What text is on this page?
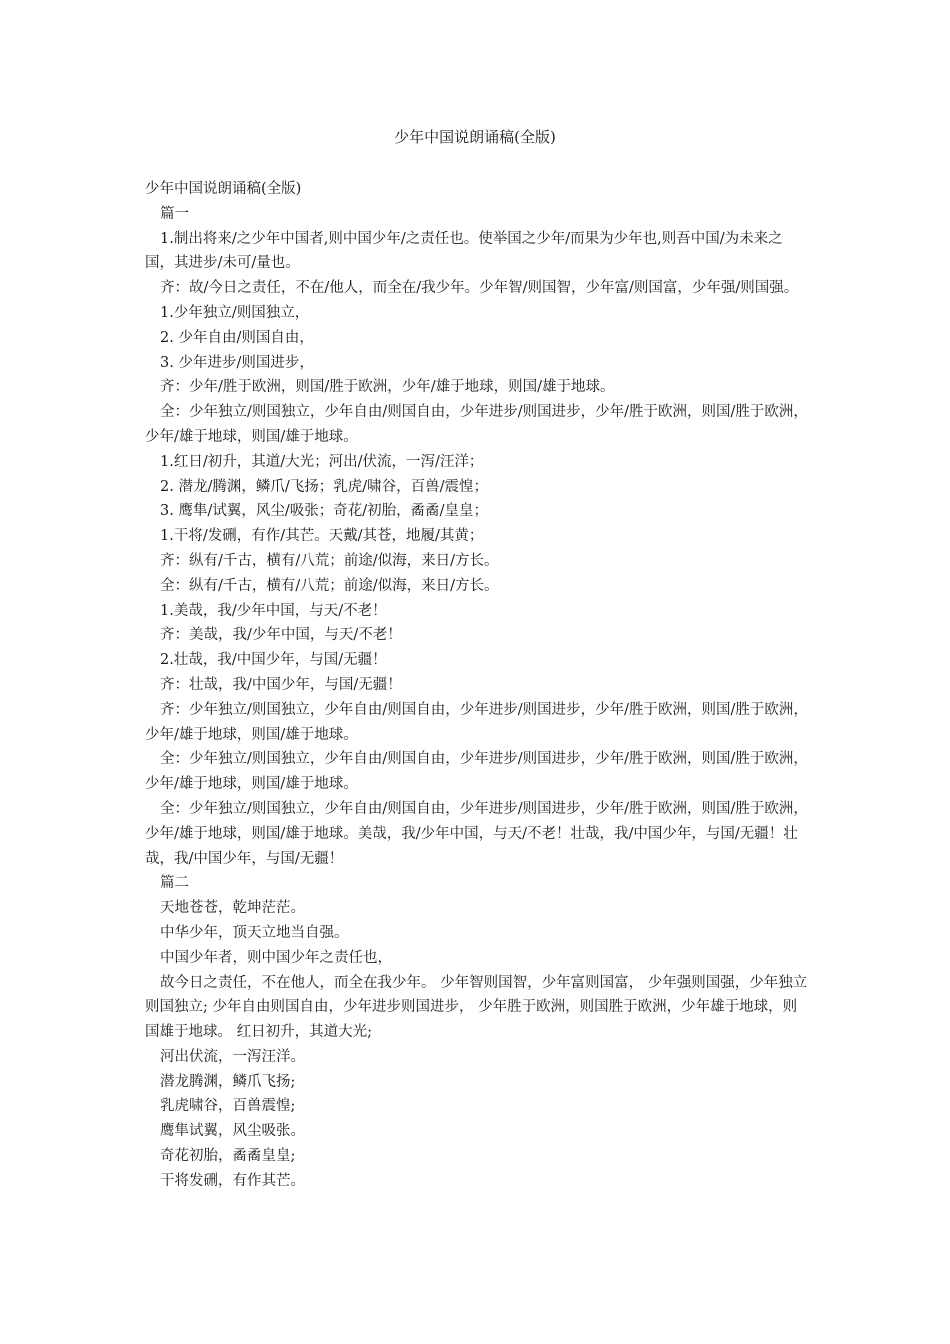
少年中国说朗诵稿(全版)

少年中国说朗诵稿(全版)

篇一

1.制出将来/之少年中国者,则中国少年/之责任也。使举国之少年/而果为少年也,则吾中国/为未来之国，其进步/未可/量也。

齐：故/今日之责任，不在/他人，而全在/我少年。少年智/则国智，少年富/则国富，少年强/则国强。

1.少年独立/则国独立，

2. 少年自由/则国自由，

3. 少年进步/则国进步，

齐：少年/胜于欧洲，则国/胜于欧洲，少年/雄于地球，则国/雄于地球。

全：少年独立/则国独立，少年自由/则国自由，少年进步/则国进步，少年/胜于欧洲，则国/胜于欧洲，少年/雄于地球，则国/雄于地球。

1.红日/初升，其道/大光；河出/伏流，一泻/汪洋；

2. 潜龙/腾渊，鳞爪/飞扬；乳虎/啸谷，百兽/震惶；

3. 鹰隼/试翼，风尘/吸张；奇花/初胎，矞矞/皇皇；

1.干将/发硎，有作/其芒。天戴/其苍，地履/其黄；

齐：纵有/千古，横有/八荒；前途/似海，来日/方长。

全：纵有/千古，横有/八荒；前途/似海，来日/方长。

1.美哉，我/少年中国，与天/不老！

齐：美哉，我/少年中国，与天/不老！

2.壮哉，我/中国少年，与国/无疆！

齐：壮哉，我/中国少年，与国/无疆！

齐：少年独立/则国独立，少年自由/则国自由，少年进步/则国进步，少年/胜于欧洲，则国/胜于欧洲，少年/雄于地球，则国/雄于地球。

全：少年独立/则国独立，少年自由/则国自由，少年进步/则国进步，少年/胜于欧洲，则国/胜于欧洲，少年/雄于地球，则国/雄于地球。

全：少年独立/则国独立，少年自由/则国自由，少年进步/则国进步，少年/胜于欧洲，则国/胜于欧洲，少年/雄于地球，则国/雄于地球。美哉，我/少年中国，与天/不老！壮哉，我/中国少年，与国/无疆！壮哉，我/中国少年，与国/无疆！

篇二

天地苍苍，乾坤茫茫。

中华少年，顶天立地当自强。

中国少年者，则中国少年之责任也，

故今日之责任，不在他人，而全在我少年。 少年智则国智，少年富则国富， 少年强则国强，少年独立则国独立; 少年自由则国自由，少年进步则国进步， 少年胜于欧洲，则国胜于欧洲，少年雄于地球，则国雄于地球。 红日初升，其道大光;

河出伏流，一泻汪洋。

潜龙腾渊，鳞爪飞扬;

乳虎啸谷，百兽震惶;

鹰隼试翼，风尘吸张。

奇花初胎，矞矞皇皇;

干将发硎，有作其芒。
